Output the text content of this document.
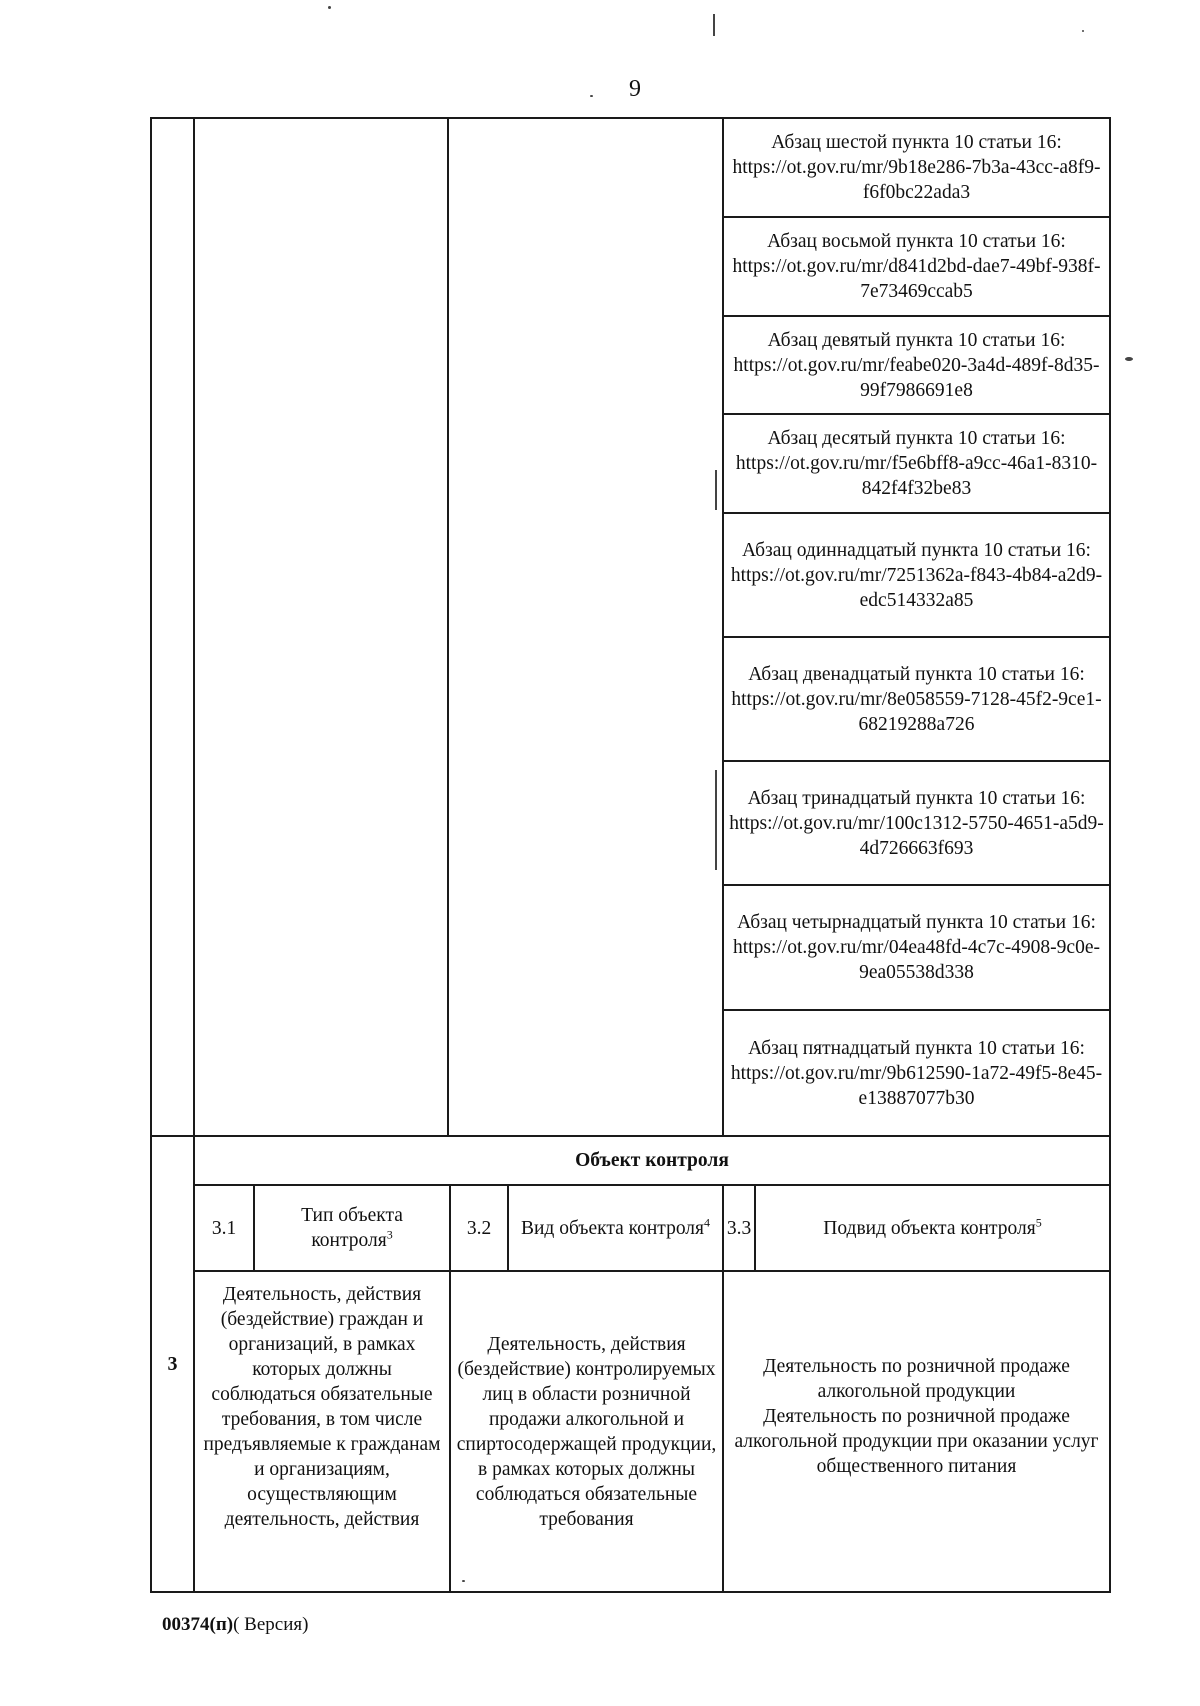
9
Абзац шестой пункта 10 статьи 16: https://ot.gov.ru/mr/9b18e286-7b3a-43cc-a8f9-f6f0bc22ada3
Абзац восьмой пункта 10 статьи 16: https://ot.gov.ru/mr/d841d2bd-dae7-49bf-938f-7e73469ccab5
Абзац девятый пункта 10 статьи 16: https://ot.gov.ru/mr/feabe020-3a4d-489f-8d35-99f7986691e8
Абзац десятый пункта 10 статьи 16: https://ot.gov.ru/mr/f5e6bff8-a9cc-46a1-8310-842f4f32be83
Абзац одиннадцатый пункта 10 статьи 16: https://ot.gov.ru/mr/7251362a-f843-4b84-a2d9-edc514332a85
Абзац двенадцатый пункта 10 статьи 16: https://ot.gov.ru/mr/8e058559-7128-45f2-9ce1-68219288a726
Абзац тринадцатый пункта 10 статьи 16: https://ot.gov.ru/mr/100c1312-5750-4651-a5d9-4d726663f693
Абзац четырнадцатый пункта 10 статьи 16: https://ot.gov.ru/mr/04ea48fd-4c7c-4908-9c0e-9ea05538d338
Абзац пятнадцатый пункта 10 статьи 16: https://ot.gov.ru/mr/9b612590-1a72-49f5-8e45-e13887077b30
3
Объект контроля
3.1
Тип объекта контроля$^3$	3.2 Вид объекта контроля$^4$ 3.3	Подвид объекта контроля$^5$
Деятельность, действия (бездействие) граждан и организаций, в рамках которых должны соблюдаться обязательные требования, в том числе предъявляемые к гражданам и организациям, осуществляющим деятельность, действия
Деятельность, действия (бездействие) контролируемых лиц в области розничной продажи алкогольной и спиртосодержащей продукции, в рамках которых должны соблюдаться обязательные требования
Деятельность по розничной продаже алкогольной продукции
Деятельность по розничной продаже алкогольной продукции при оказании услуг общественного питания
00374(п)( Версия)
